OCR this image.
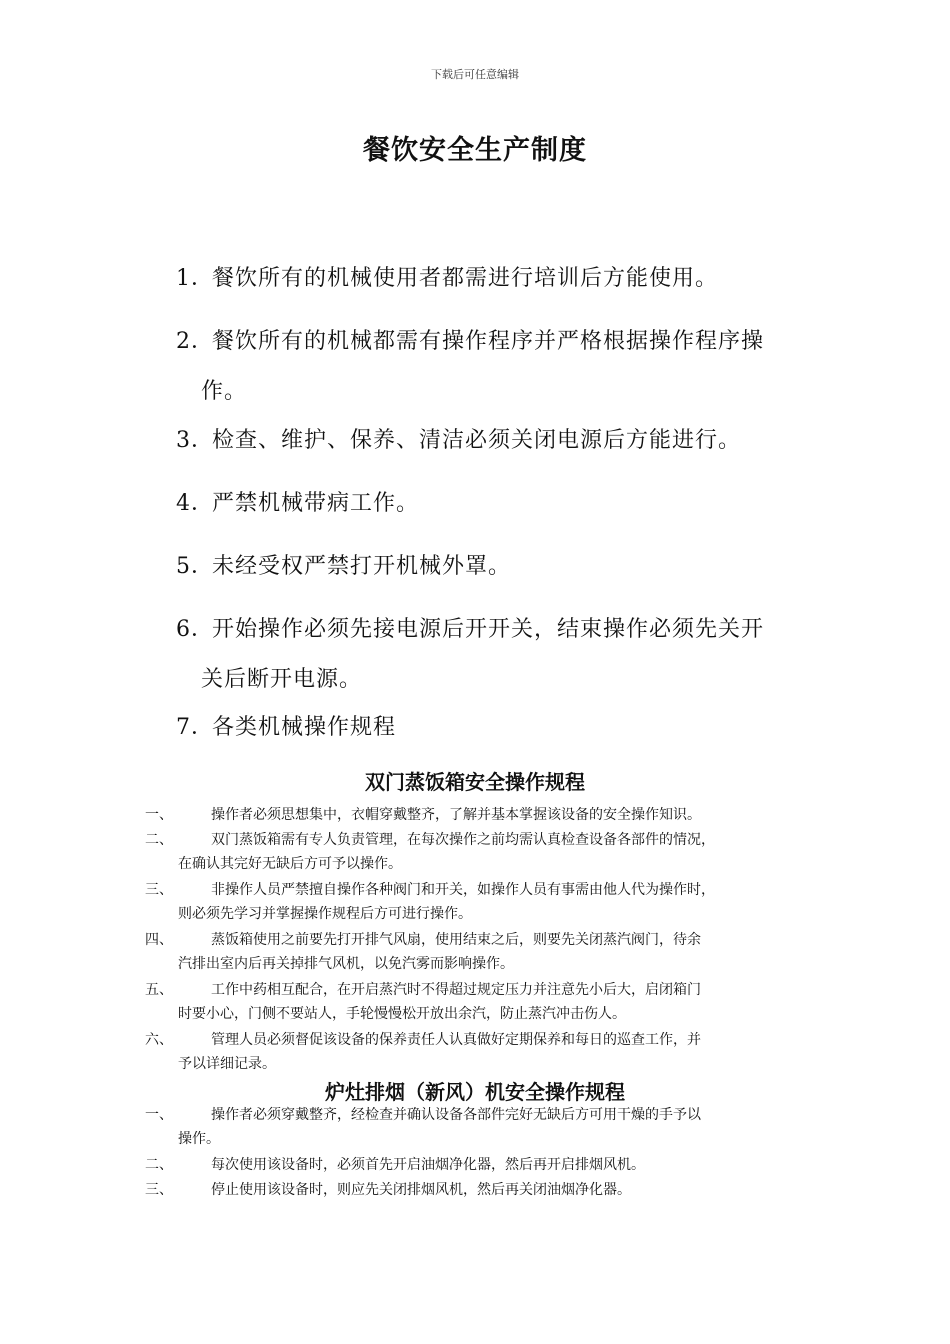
下载后可任意编辑
餐饮安全生产制度
1．餐饮所有的机械使用者都需进行培训后方能使用。
2．餐饮所有的机械都需有操作程序并严格根据操作程序操
作。
3．检查、维护、保养、清洁必须关闭电源后方能进行。
4．严禁机械带病工作。
5．未经受权严禁打开机械外罩。
6．开始操作必须先接电源后开开关，结束操作必须先关开
关后断开电源。
7．各类机械操作规程
双门蒸饭箱安全操作规程
一、	操作者必须思想集中，衣帽穿戴整齐，了解并基本掌握该设备的安全操作知识。
二、	双门蒸饭箱需有专人负责管理，在每次操作之前均需认真检查设备各部件的情况，
在确认其完好无缺后方可予以操作。
三、	非操作人员严禁擅自操作各种阀门和开关，如操作人员有事需由他人代为操作时，
则必须先学习并掌握操作规程后方可进行操作。
四、	蒸饭箱使用之前要先打开排气风扇，使用结束之后，则要先关闭蒸汽阀门，待余
汽排出室内后再关掉排气风机，以免汽雾而影响操作。
五、	工作中药相互配合，在开启蒸汽时不得超过规定压力并注意先小后大，启闭箱门
时要小心，门侧不要站人，手轮慢慢松开放出余汽，防止蒸汽冲击伤人。
六、	管理人员必须督促该设备的保养责任人认真做好定期保养和每日的巡查工作，并
予以详细记录。
炉灶排烟（新风）机安全操作规程
一、	操作者必须穿戴整齐，经检查并确认设备各部件完好无缺后方可用干燥的手予以
操作。
二、	每次使用该设备时，必须首先开启油烟净化器，然后再开启排烟风机。
三、	停止使用该设备时，则应先关闭排烟风机，然后再关闭油烟净化器。
